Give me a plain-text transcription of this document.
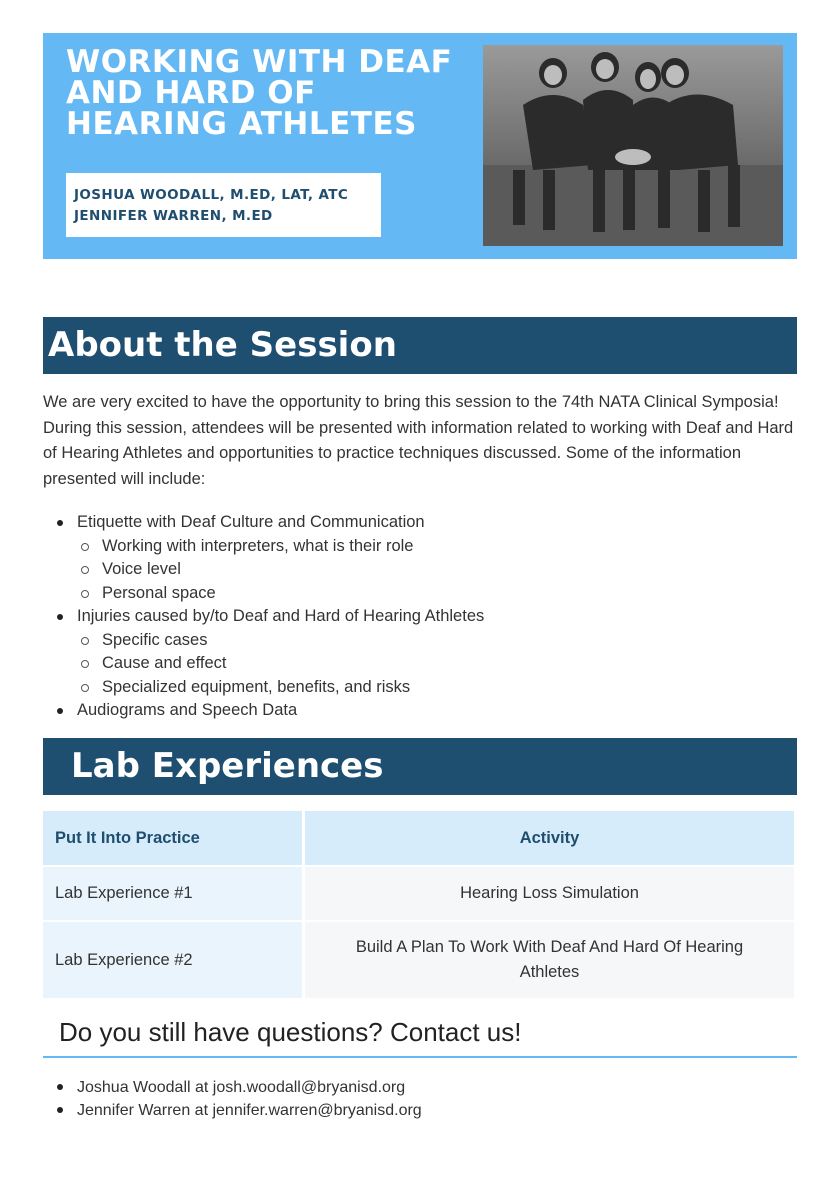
WORKING WITH DEAF AND HARD OF HEARING ATHLETES
JOSHUA WOODALL, M.ED, LAT, ATC
JENNIFER WARREN, M.ED
About the Session
We are very excited to have the opportunity to bring this session to the 74th NATA Clinical Symposia! During this session, attendees will be presented with information related to working with Deaf and Hard of Hearing Athletes and opportunities to practice techniques discussed. Some of the information presented will include:
Etiquette with Deaf Culture and Communication
Working with interpreters, what is their role
Voice level
Personal space
Injuries caused by/to Deaf and Hard of Hearing Athletes
Specific cases
Cause and effect
Specialized equipment, benefits, and risks
Audiograms and Speech Data
Lab Experiences
Put It Into Practice	Activity
Lab Experience #1	Hearing Loss Simulation
Lab Experience #2	Build A Plan To Work With Deaf And Hard Of Hearing Athletes
Do you still have questions? Contact us!
Joshua Woodall at josh.woodall@bryanisd.org
Jennifer Warren at jennifer.warren@bryanisd.org
